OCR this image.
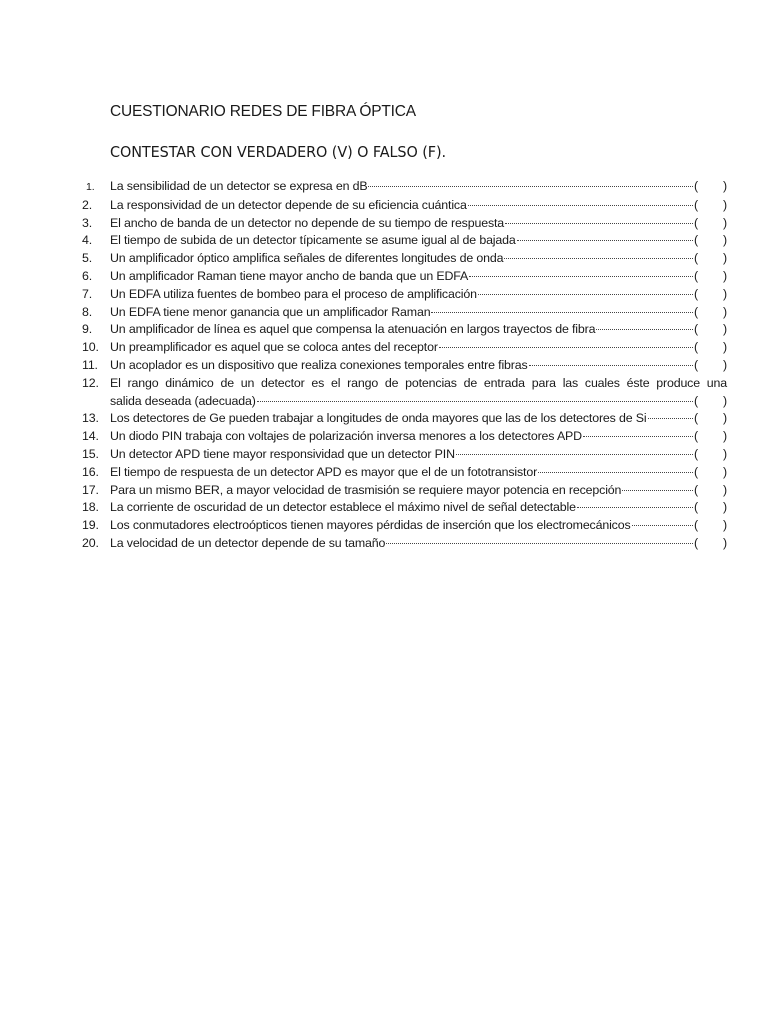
CUESTIONARIO REDES DE FIBRA ÓPTICA
CONTESTAR CON VERDADERO (V) O FALSO (F).
1.	La sensibilidad de un detector se expresa en dB	( )
2.	La responsividad de un detector depende de su eficiencia cuántica	( )
3.	El ancho de banda de un detector no depende de su tiempo de respuesta	( )
4.	El tiempo de subida de un detector típicamente se asume igual al de bajada	( )
5.	Un amplificador óptico amplifica señales de diferentes longitudes de onda	( )
6.	Un amplificador Raman tiene mayor ancho de banda que un EDFA	( )
7.	Un EDFA utiliza fuentes de bombeo para el proceso de amplificación	( )
8.	Un EDFA tiene menor ganancia que un amplificador Raman	( )
9.	Un amplificador de línea es aquel que compensa la atenuación en largos trayectos de fibra	( )
10. Un preamplificador es aquel que se coloca antes del receptor	( )
11. Un acoplador es un dispositivo que realiza conexiones temporales entre fibras	( )
12. El rango dinámico de un detector es el rango de potencias de entrada para las cuales éste produce una
salida deseada (adecuada)	( )
13. Los detectores de Ge pueden trabajar a longitudes de onda mayores que las de los detectores de Si	( )
14. Un diodo PIN trabaja con voltajes de polarización inversa menores a los detectores APD	( )
15. Un detector APD tiene mayor responsividad que un detector PIN	( )
16. El tiempo de respuesta de un detector APD es mayor que el de un fototransistor	( )
17. Para un mismo BER, a mayor velocidad de trasmisión se requiere mayor potencia en recepción	( )
18. La corriente de oscuridad de un detector establece el máximo nivel de señal detectable	( )
19. Los conmutadores electroópticos tienen mayores pérdidas de inserción que los electromecánicos	( )
20. La velocidad de un detector depende de su tamaño	( )
